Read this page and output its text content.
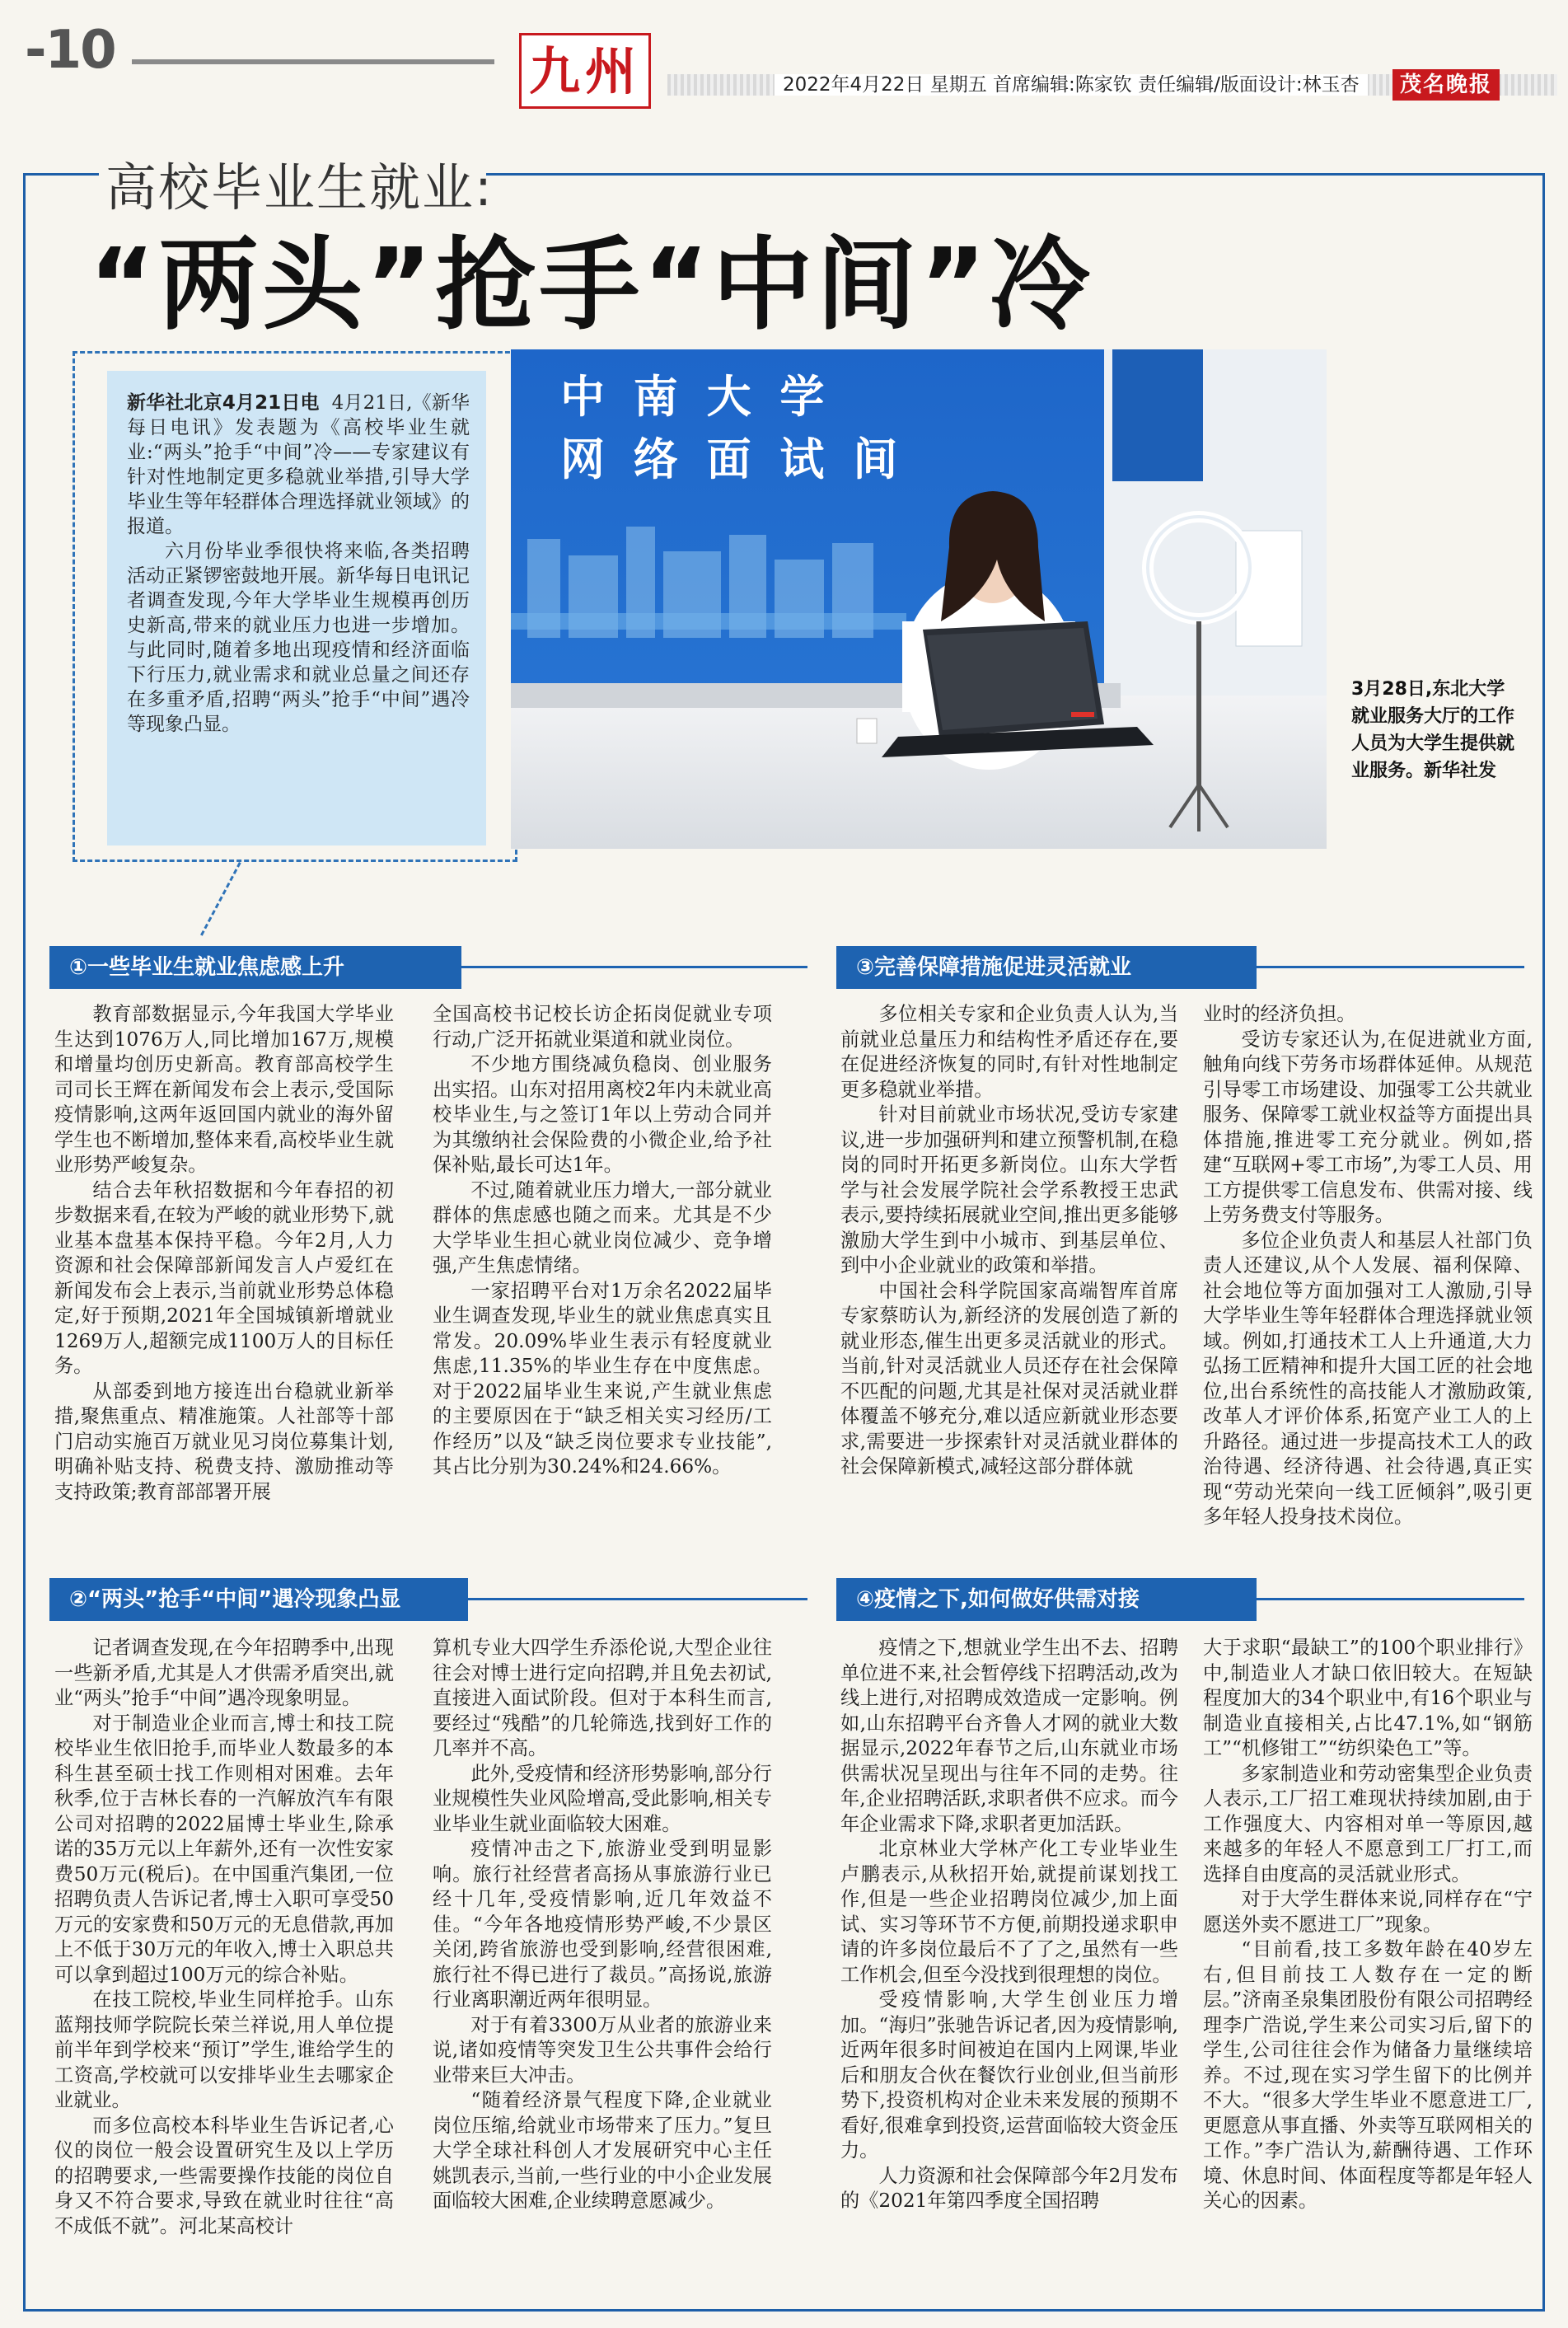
-10	九州	2022年4月22日 星期五 首席编辑:陈家钦 责任编辑/版面设计:林玉杏	茂名晚报
高校毕业生就业:
“两头”抢手“中间”冷

新华社北京4月21日电 4月21日,《新华每日电讯》发表题为《高校毕业生就业:“两头”抢手“中间”冷——专家建议有针对性地制定更多稳就业举措,引导大学毕业生等年轻群体合理选择就业领域》的报道。

六月份毕业季很快将来临,各类招聘活动正紧锣密鼓地开展。新华每日电讯记者调查发现,今年大学毕业生规模再创历史新高,带来的就业压力也进一步增加。与此同时,随着多地出现疫情和经济面临下行压力,就业需求和就业总量之间还存在多重矛盾,招聘“两头”抢手“中间”遇冷等现象凸显。

中 南 大 学
网 络 面 试 间
3月28日,东北大学就业服务大厅的工作人员为大学生提供就业服务。新华社发
①一些毕业生就业焦虑感上升	③完善保障措施促进灵活就业
②“两头”抢手“中间”遇冷现象凸显	④疫情之下,如何做好供需对接

教育部数据显示,今年我国大学毕业生达到1076万人,同比增加167万,规模和增量均创历史新高。教育部高校学生司司长王辉在新闻发布会上表示,受国际疫情影响,这两年返回国内就业的海外留学生也不断增加,整体来看,高校毕业生就业形势严峻复杂。

结合去年秋招数据和今年春招的初步数据来看,在较为严峻的就业形势下,就业基本盘基本保持平稳。今年2月,人力资源和社会保障部新闻发言人卢爱红在新闻发布会上表示,当前就业形势总体稳定,好于预期,2021年全国城镇新增就业1269万人,超额完成1100万人的目标任务。

从部委到地方接连出台稳就业新举措,聚焦重点、精准施策。人社部等十部门启动实施百万就业见习岗位募集计划,明确补贴支持、税费支持、激励推动等支持政策;教育部部署开展

全国高校书记校长访企拓岗促就业专项行动,广泛开拓就业渠道和就业岗位。

不少地方围绕减负稳岗、创业服务出实招。山东对招用离校2年内未就业高校毕业生,与之签订1年以上劳动合同并为其缴纳社会保险费的小微企业,给予社保补贴,最长可达1年。

不过,随着就业压力增大,一部分就业群体的焦虑感也随之而来。尤其是不少大学毕业生担心就业岗位减少、竞争增强,产生焦虑情绪。

一家招聘平台对1万余名2022届毕业生调查发现,毕业生的就业焦虑真实且常发。20.09%毕业生表示有轻度就业焦虑,11.35%的毕业生存在中度焦虑。对于2022届毕业生来说,产生就业焦虑的主要原因在于“缺乏相关实习经历/工作经历”以及“缺乏岗位要求专业技能”,其占比分别为30.24%和24.66%。

多位相关专家和企业负责人认为,当前就业总量压力和结构性矛盾还存在,要在促进经济恢复的同时,有针对性地制定更多稳就业举措。

针对目前就业市场状况,受访专家建议,进一步加强研判和建立预警机制,在稳岗的同时开拓更多新岗位。山东大学哲学与社会发展学院社会学系教授王忠武表示,要持续拓展就业空间,推出更多能够激励大学生到中小城市、到基层单位、到中小企业就业的政策和举措。

中国社会科学院国家高端智库首席专家蔡昉认为,新经济的发展创造了新的就业形态,催生出更多灵活就业的形式。当前,针对灵活就业人员还存在社会保障不匹配的问题,尤其是社保对灵活就业群体覆盖不够充分,难以适应新就业形态要求,需要进一步探索针对灵活就业群体的社会保障新模式,减轻这部分群体就

业时的经济负担。

受访专家还认为,在促进就业方面,触角向线下劳务市场群体延伸。从规范引导零工市场建设、加强零工公共就业服务、保障零工就业权益等方面提出具体措施,推进零工充分就业。例如,搭建“互联网+零工市场”,为零工人员、用工方提供零工信息发布、供需对接、线上劳务费支付等服务。

多位企业负责人和基层人社部门负责人还建议,从个人发展、福利保障、社会地位等方面加强对工人激励,引导大学毕业生等年轻群体合理选择就业领域。例如,打通技术工人上升通道,大力弘扬工匠精神和提升大国工匠的社会地位,出台系统性的高技能人才激励政策,改革人才评价体系,拓宽产业工人的上升路径。通过进一步提高技术工人的政治待遇、经济待遇、社会待遇,真正实现“劳动光荣向一线工匠倾斜”,吸引更多年轻人投身技术岗位。

记者调查发现,在今年招聘季中,出现一些新矛盾,尤其是人才供需矛盾突出,就业“两头”抢手“中间”遇冷现象明显。

对于制造业企业而言,博士和技工院校毕业生依旧抢手,而毕业人数最多的本科生甚至硕士找工作则相对困难。去年秋季,位于吉林长春的一汽解放汽车有限公司对招聘的2022届博士毕业生,除承诺的35万元以上年薪外,还有一次性安家费50万元(税后)。在中国重汽集团,一位招聘负责人告诉记者,博士入职可享受50万元的安家费和50万元的无息借款,再加上不低于30万元的年收入,博士入职总共可以拿到超过100万元的综合补贴。

在技工院校,毕业生同样抢手。山东蓝翔技师学院院长荣兰祥说,用人单位提前半年到学校来“预订”学生,谁给学生的工资高,学校就可以安排毕业生去哪家企业就业。

而多位高校本科毕业生告诉记者,心仪的岗位一般会设置研究生及以上学历的招聘要求,一些需要操作技能的岗位自身又不符合要求,导致在就业时往往“高不成低不就”。河北某高校计

算机专业大四学生乔添伦说,大型企业往往会对博士进行定向招聘,并且免去初试,直接进入面试阶段。但对于本科生而言,要经过“残酷”的几轮筛选,找到好工作的几率并不高。

此外,受疫情和经济形势影响,部分行业规模性失业风险增高,受此影响,相关专业毕业生就业面临较大困难。

疫情冲击之下,旅游业受到明显影响。旅行社经营者高扬从事旅游行业已经十几年,受疫情影响,近几年效益不佳。“今年各地疫情形势严峻,不少景区关闭,跨省旅游也受到影响,经营很困难,旅行社不得已进行了裁员。”高扬说,旅游行业离职潮近两年很明显。

对于有着3300万从业者的旅游业来说,诸如疫情等突发卫生公共事件会给行业带来巨大冲击。

“随着经济景气程度下降,企业就业岗位压缩,给就业市场带来了压力。”复旦大学全球社科创人才发展研究中心主任姚凯表示,当前,一些行业的中小企业发展面临较大困难,企业续聘意愿减少。

疫情之下,想就业学生出不去、招聘单位进不来,社会暂停线下招聘活动,改为线上进行,对招聘成效造成一定影响。例如,山东招聘平台齐鲁人才网的就业大数据显示,2022年春节之后,山东就业市场供需状况呈现出与往年不同的走势。往年,企业招聘活跃,求职者供不应求。而今年企业需求下降,求职者更加活跃。

北京林业大学林产化工专业毕业生卢鹏表示,从秋招开始,就提前谋划找工作,但是一些企业招聘岗位减少,加上面试、实习等环节不方便,前期投递求职申请的许多岗位最后不了了之,虽然有一些工作机会,但至今没找到很理想的岗位。

受疫情影响,大学生创业压力增加。“海归”张驰告诉记者,因为疫情影响,近两年很多时间被迫在国内上网课,毕业后和朋友合伙在餐饮行业创业,但当前形势下,投资机构对企业未来发展的预期不看好,很难拿到投资,运营面临较大资金压力。

人力资源和社会保障部今年2月发布的《2021年第四季度全国招聘

大于求职“最缺工”的100个职业排行》中,制造业人才缺口依旧较大。在短缺程度加大的34个职业中,有16个职业与制造业直接相关,占比47.1%,如“钢筋工”“机修钳工”“纺织染色工”等。

多家制造业和劳动密集型企业负责人表示,工厂招工难现状持续加剧,由于工作强度大、内容相对单一等原因,越来越多的年轻人不愿意到工厂打工,而选择自由度高的灵活就业形式。

对于大学生群体来说,同样存在“宁愿送外卖不愿进工厂”现象。

“目前看,技工多数年龄在40岁左右,但目前技工人数存在一定的断层。”济南圣泉集团股份有限公司招聘经理李广浩说,学生来公司实习后,留下的学生,公司往往会作为储备力量继续培养。不过,现在实习学生留下的比例并不大。“很多大学生毕业不愿意进工厂,更愿意从事直播、外卖等互联网相关的工作。”李广浩认为,薪酬待遇、工作环境、休息时间、体面程度等都是年轻人关心的因素。
